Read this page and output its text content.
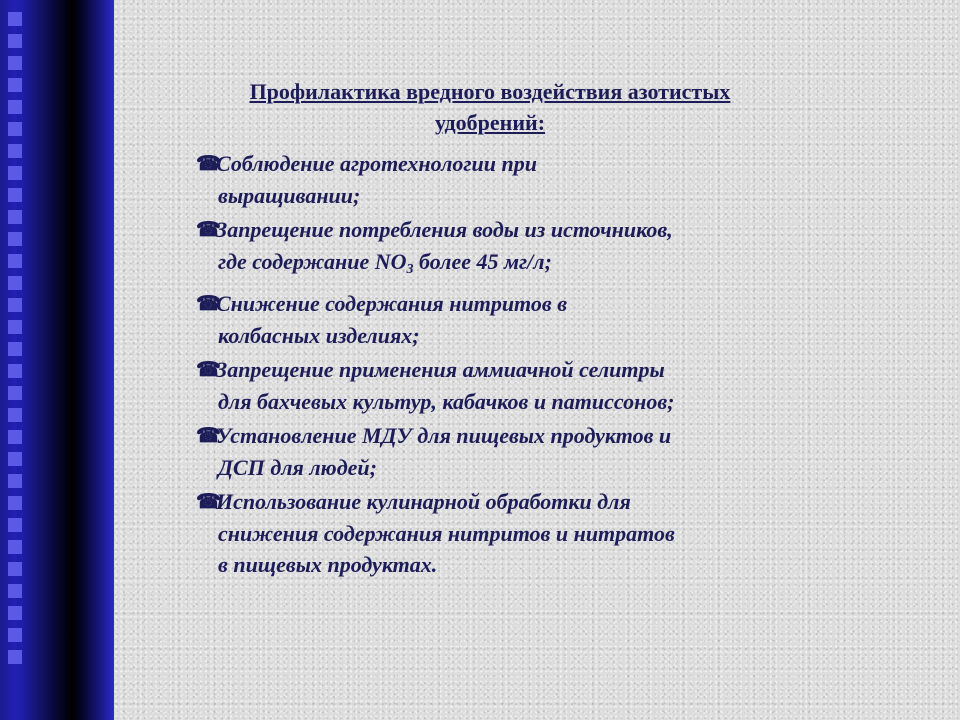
Профилактика вредного воздействия азотистых
удобрений:
☎
Соблюдение агротехнологии при
выращивании;
☎
Запрещение потребления воды из источников,
где содержание $NO_3$ более 45 мг/л;
☎
Снижение содержания нитритов в
колбасных изделиях;
☎
Запрещение применения аммиачной селитры
для бахчевых культур, кабачков и патиссонов;
☎
Установление МДУ для пищевых продуктов и
ДСП для людей;
☎
Использование кулинарной обработки для
снижения содержания нитритов и нитратов
в пищевых продуктах.
